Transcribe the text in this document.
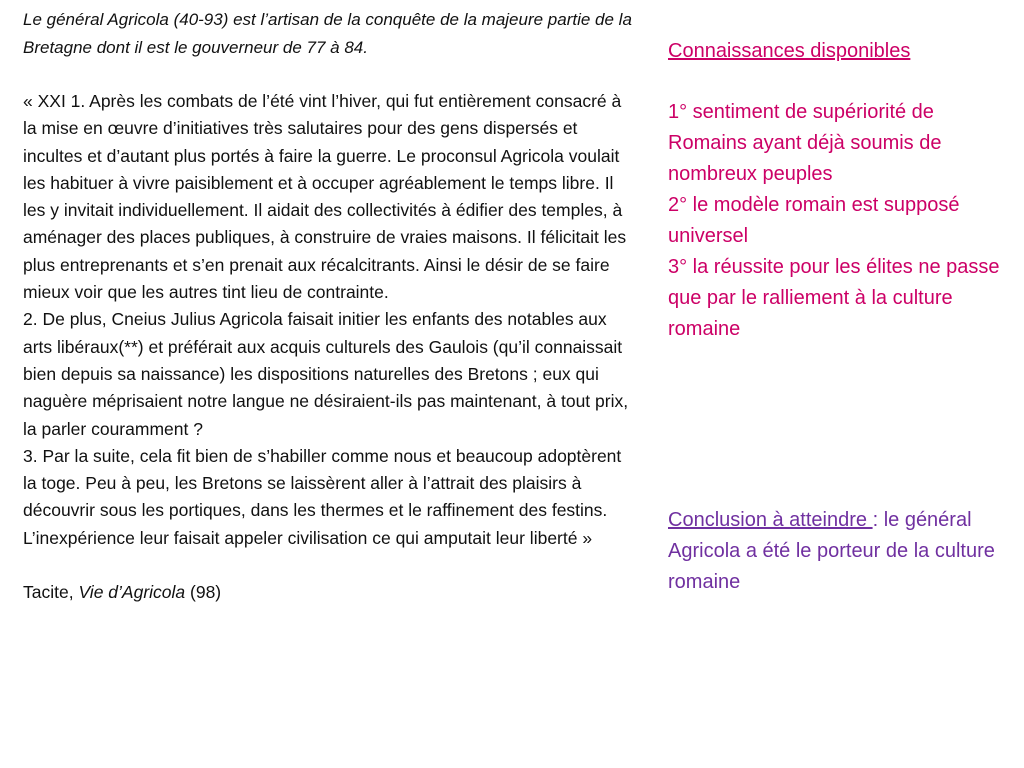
Le général Agricola (40-93) est l’artisan de la conquête de la majeure partie de la Bretagne dont il est le gouverneur de 77 à 84.

« XXI 1. Après les combats de l’été vint l’hiver, qui fut entièrement consacré à la mise en œuvre d’initiatives très salutaires pour des gens dispersés et incultes et d’autant plus portés à faire la guerre. Le proconsul Agricola voulait les habituer à vivre paisiblement et à occuper agréablement le temps libre. Il les y invitait individuellement. Il aidait des collectivités à édifier des temples, à aménager des places publiques, à construire de vraies maisons. Il félicitait les plus entreprenants et s’en prenait aux récalcitrants. Ainsi le désir de se faire mieux voir que les autres tint lieu de contrainte.

2. De plus, Cneius Julius Agricola faisait initier les enfants des notables aux arts libéraux(**) et préférait aux acquis culturels des Gaulois (qu’il connaissait bien depuis sa naissance) les dispositions naturelles des Bretons ; eux qui naguère méprisaient notre langue ne désiraient-ils pas maintenant, à tout prix, la parler couramment ?

3. Par la suite, cela fit bien de s’habiller comme nous et beaucoup adoptèrent la toge. Peu à peu, les Bretons se laissèrent aller à l’attrait des plaisirs à découvrir sous les portiques, dans les thermes et le raffinement des festins. L’inexpérience leur faisait appeler civilisation ce qui amputait leur liberté »

Tacite, Vie d’Agricola (98)

Connaissances disponibles

1° sentiment de supériorité de Romains ayant déjà soumis de nombreux peuples

2° le modèle romain est supposé universel

3° la réussite pour les élites ne passe que par le ralliement à la culture romaine

Conclusion à atteindre : le général Agricola a été le porteur de la culture romaine
